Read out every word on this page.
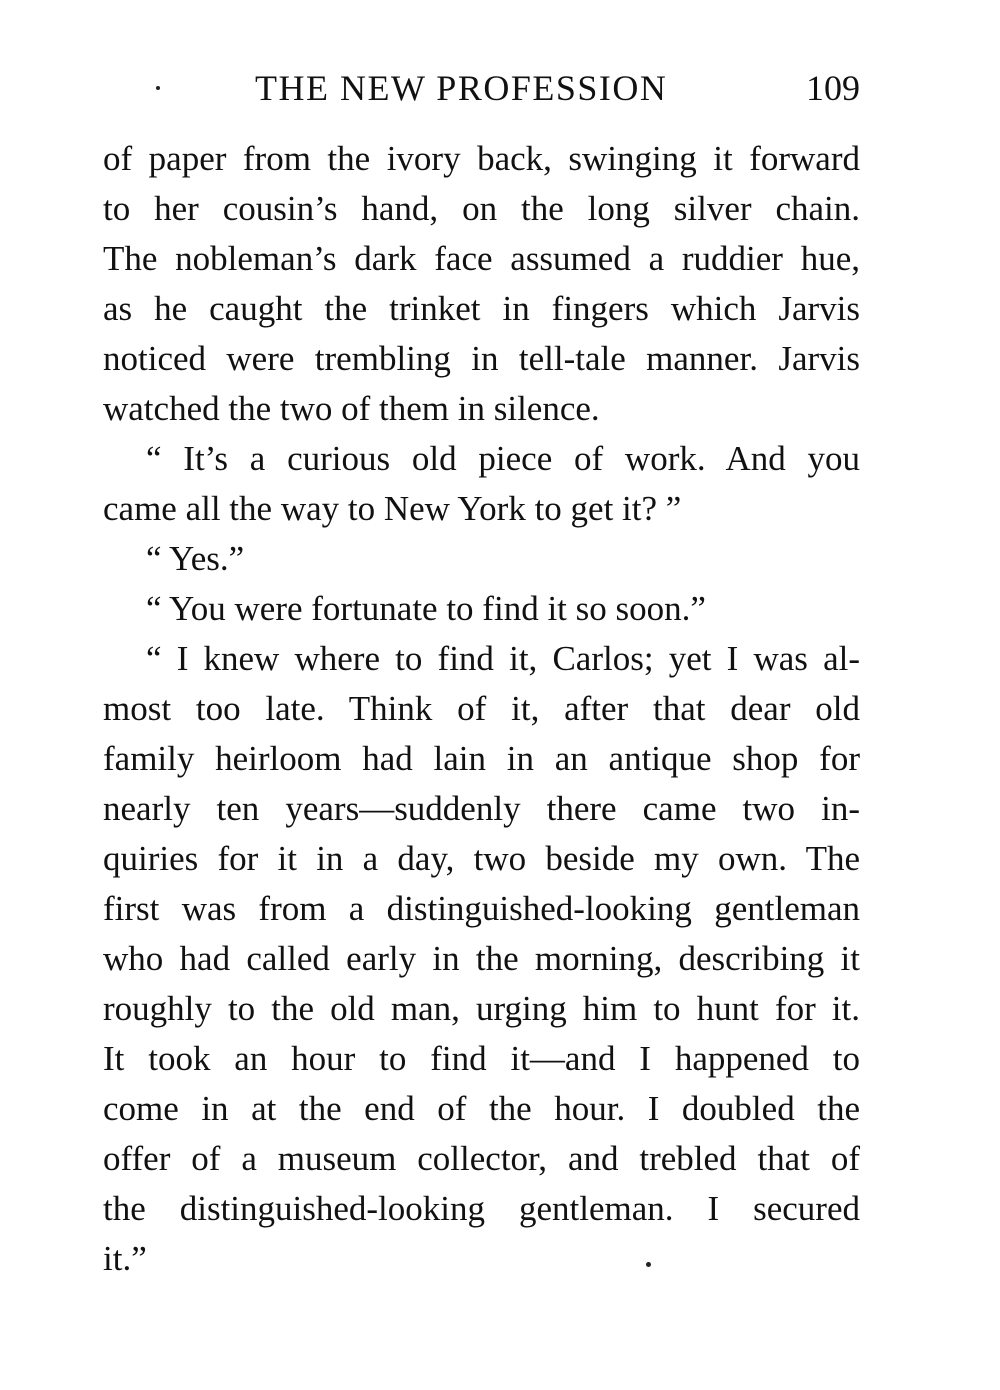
THE NEW PROFESSION	109
of paper from the ivory back, swinging it forward
to her cousin’s hand, on the long silver chain.
The nobleman’s dark face assumed a ruddier hue,
as he caught the trinket in fingers which Jarvis
noticed were trembling in tell-tale manner. Jarvis
watched the two of them in silence.
“ It’s a curious old piece of work. And you
came all the way to New York to get it? ”
“ Yes.”
“ You were fortunate to find it so soon.”
“ I knew where to find it, Carlos; yet I was al-
most too late. Think of it, after that dear old
family heirloom had lain in an antique shop for
nearly ten years—suddenly there came two in-
quiries for it in a day, two beside my own. The
first was from a distinguished-looking gentleman
who had called early in the morning, describing it
roughly to the old man, urging him to hunt for it.
It took an hour to find it—and I happened to
come in at the end of the hour. I doubled the
offer of a museum collector, and trebled that of
the distinguished-looking gentleman. I secured
it.”
